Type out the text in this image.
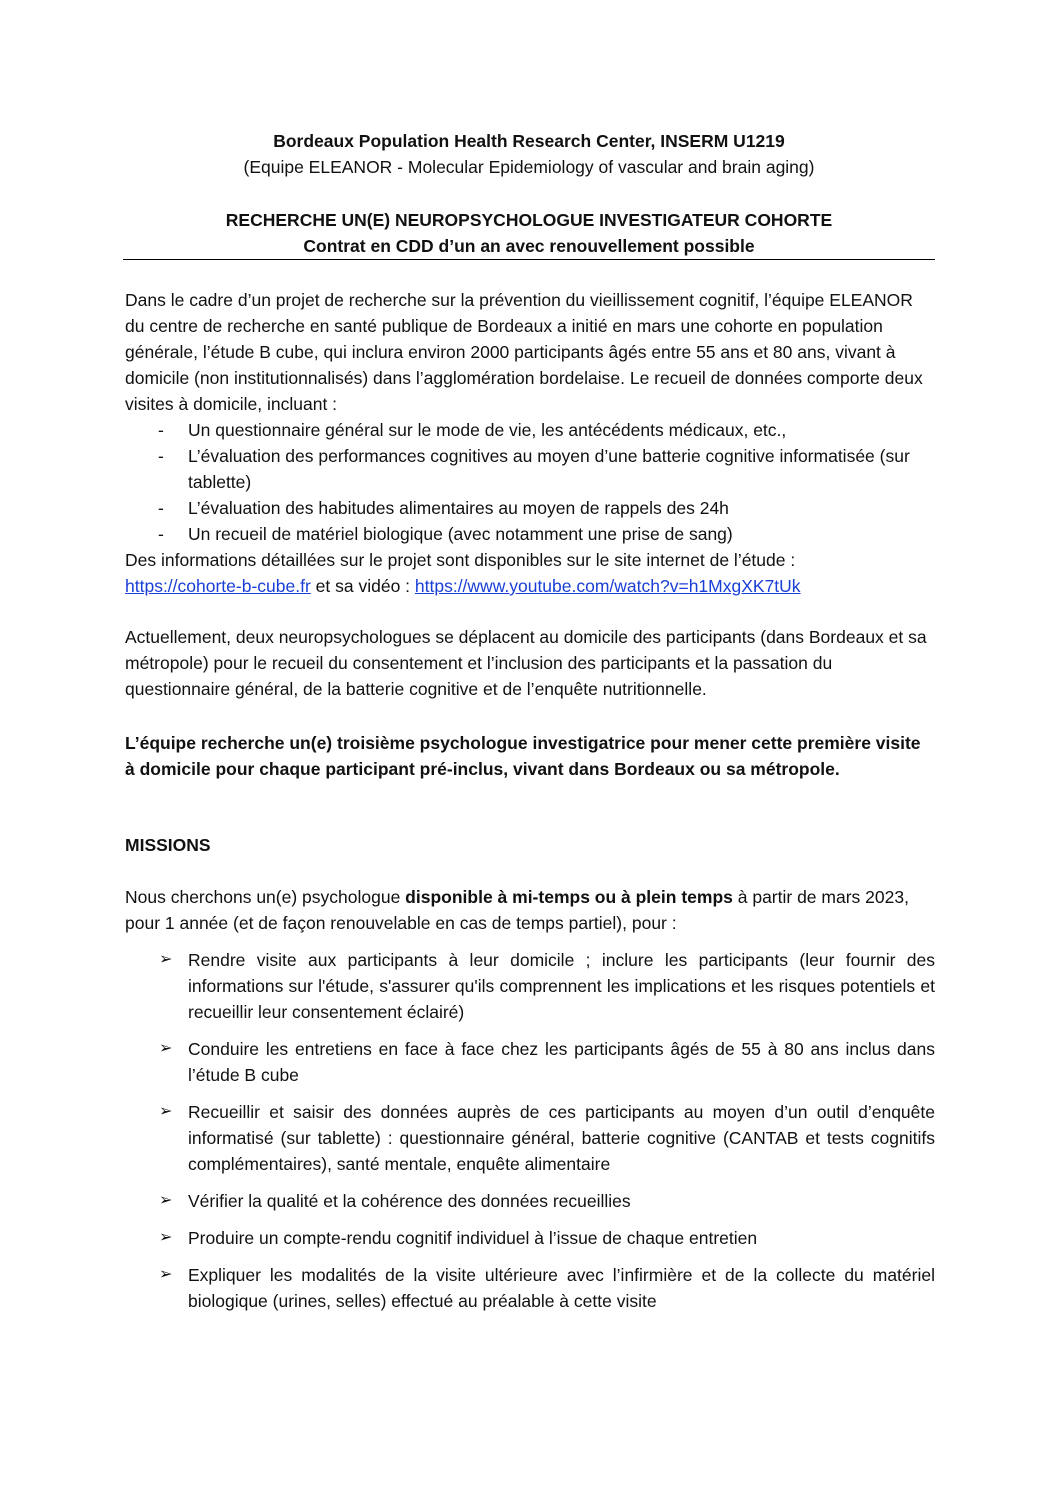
Bordeaux Population Health Research Center, INSERM U1219
(Equipe ELEANOR - Molecular Epidemiology of vascular and brain aging)
RECHERCHE UN(E) NEUROPSYCHOLOGUE INVESTIGATEUR COHORTE
Contrat en CDD d’un an avec renouvellement possible

Dans le cadre d’un projet de recherche sur la prévention du vieillissement cognitif, l’équipe ELEANOR du centre de recherche en santé publique de Bordeaux a initié en mars une cohorte en population générale, l’étude B cube, qui inclura environ 2000 participants âgés entre 55 ans et 80 ans, vivant à domicile (non institutionnalisés) dans l’agglomération bordelaise. Le recueil de données comporte deux visites à domicile, incluant :

- Un questionnaire général sur le mode de vie, les antécédents médicaux, etc.,
- L’évaluation des performances cognitives au moyen d’une batterie cognitive informatisée (sur tablette)
- L’évaluation des habitudes alimentaires au moyen de rappels des 24h
- Un recueil de matériel biologique (avec notamment une prise de sang)

Des informations détaillées sur le projet sont disponibles sur le site internet de l’étude :
https://cohorte-b-cube.fr et sa vidéo : https://www.youtube.com/watch?v=h1MxgXK7tUk

Actuellement, deux neuropsychologues se déplacent au domicile des participants (dans Bordeaux et sa métropole) pour le recueil du consentement et l’inclusion des participants et la passation du questionnaire général, de la batterie cognitive et de l’enquête nutritionnelle.
L’équipe recherche un(e) troisième psychologue investigatrice pour mener cette première visite à domicile pour chaque participant pré-inclus, vivant dans Bordeaux ou sa métropole.
MISSIONS
Nous cherchons un(e) psychologue disponible à mi-temps ou à plein temps à partir de mars 2023, pour 1 année (et de façon renouvelable en cas de temps partiel), pour :
➢ Rendre visite aux participants à leur domicile ; inclure les participants (leur fournir des informations sur l'étude, s'assurer qu'ils comprennent les implications et les risques potentiels et recueillir leur consentement éclairé)
➢ Conduire les entretiens en face à face chez les participants âgés de 55 à 80 ans inclus dans l’étude B cube
➢ Recueillir et saisir des données auprès de ces participants au moyen d’un outil d’enquête informatisé (sur tablette) : questionnaire général, batterie cognitive (CANTAB et tests cognitifs complémentaires), santé mentale, enquête alimentaire
➢ Vérifier la qualité et la cohérence des données recueillies
➢ Produire un compte-rendu cognitif individuel à l’issue de chaque entretien
➢ Expliquer les modalités de la visite ultérieure avec l’infirmière et de la collecte du matériel biologique (urines, selles) effectué au préalable à cette visite
